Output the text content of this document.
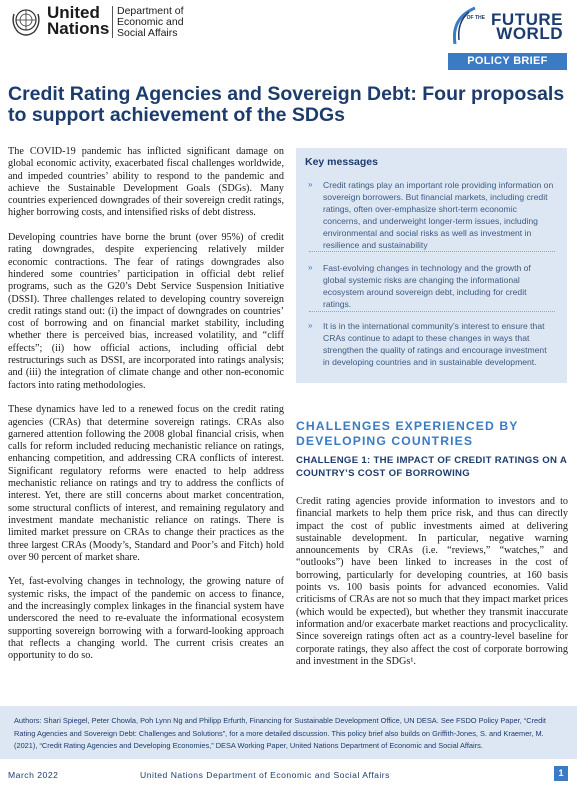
United
Nations
Department of
Economic and
Social Affairs
FUTURE
OF THE
WORLD
POLICY BRIEF NO131
Credit Rating Agencies and Sovereign Debt: Four proposals to support achievement of the SDGs

The COVID-19 pandemic has inflicted significant damage on global economic activity, exacerbated fiscal challenges worldwide, and impeded countries’ ability to respond to the pandemic and achieve the Sustainable Development Goals (SDGs). Many countries experienced downgrades of their sovereign credit ratings, higher borrowing costs, and intensified risks of debt distress.

Developing countries have borne the brunt (over 95%) of credit rating downgrades, despite experiencing relatively milder economic contractions. The fear of ratings downgrades also hindered some countries’ participation in official debt relief programs, such as the G20’s Debt Service Suspension Initiative (DSSI). Three challenges related to developing country sovereign credit ratings stand out: (i) the impact of downgrades on countries’ cost of borrowing and on financial market stability, including whether there is perceived bias, increased volatility, and “cliff effects”; (ii) how official actions, including official debt restructurings such as DSSI, are incorporated into ratings analysis; and (iii) the integration of climate change and other non-economic factors into rating methodologies.

These dynamics have led to a renewed focus on the credit rating agencies (CRAs) that determine sovereign ratings. CRAs also garnered attention following the 2008 global financial crisis, when calls for reform included reducing mechanistic reliance on ratings, enhancing competition, and addressing CRA conflicts of interest. Significant regulatory reforms were enacted to help address mechanistic reliance on ratings and try to address the conflicts of interest. Yet, there are still concerns about market concentration, some structural conflicts of interest, and remaining regulatory and investment mandate mechanistic reliance on ratings. There is limited market pressure on CRAs to change their practices as the three largest CRAs (Moody’s, Standard and Poor’s and Fitch) hold over 90 percent of market share.

Yet, fast-evolving changes in technology, the growing nature of systemic risks, the impact of the pandemic on access to finance, and the increasingly complex linkages in the financial system have underscored the need to re-evaluate the informational ecosystem supporting sovereign borrowing with a forward-looking approach that reflects a changing world. The current crisis creates an opportunity to do so.

Key messages
» Credit ratings play an important role providing information on sovereign borrowers. But financial markets, including credit ratings, often over-emphasize short-term economic concerns, and underweight longer-term issues, including environmental and social risks as well as investment in resilience and sustainability
» Fast-evolving changes in technology and the growth of global systemic risks are changing the informational ecosystem around sovereign debt, including for credit ratings.
» It is in the international community’s interest to ensure that CRAs continue to adapt to these changes in ways that strengthen the quality of ratings and encourage investment in developing countries and in sustainable development.
CHALLENGES EXPERIENCED BY DEVELOPING COUNTRIES
CHALLENGE 1: THE IMPACT OF CREDIT RATINGS ON A COUNTRY’S COST OF BORROWING

Credit rating agencies provide information to investors and to financial markets to help them price risk, and thus can directly impact the cost of public investments aimed at delivering sustainable development. In particular, negative warning announcements by CRAs (i.e. “reviews,” “watches,” and “outlooks”) have been linked to increases in the cost of borrowing, particularly for developing countries, at 160 basis points vs. 100 basis points for advanced economies. Valid criticisms of CRAs are not so much that they impact market prices (which would be expected), but whether they transmit inaccurate information and/or exacerbate market reactions and procyclicality. Since sovereign ratings often act as a country-level baseline for corporate ratings, they also affect the cost of corporate borrowing and investment in the SDGs¹.

Authors: Shari Spiegel, Peter Chowla, Poh Lynn Ng and Philipp Erfurth, Financing for Sustainable Development Office, UN DESA. See FSDO Policy Paper, “Credit Rating Agencies and Sovereign Debt: Challenges and Solutions”, for a more detailed discussion. This policy brief also builds on Griffith-Jones, S. and Kraemer, M. (2021), “Credit Rating Agencies and Developing Economies,” DESA Working Paper, United Nations Department of Economic and Social Affairs.
March 2022	United Nations Department of Economic and Social Affairs	1
